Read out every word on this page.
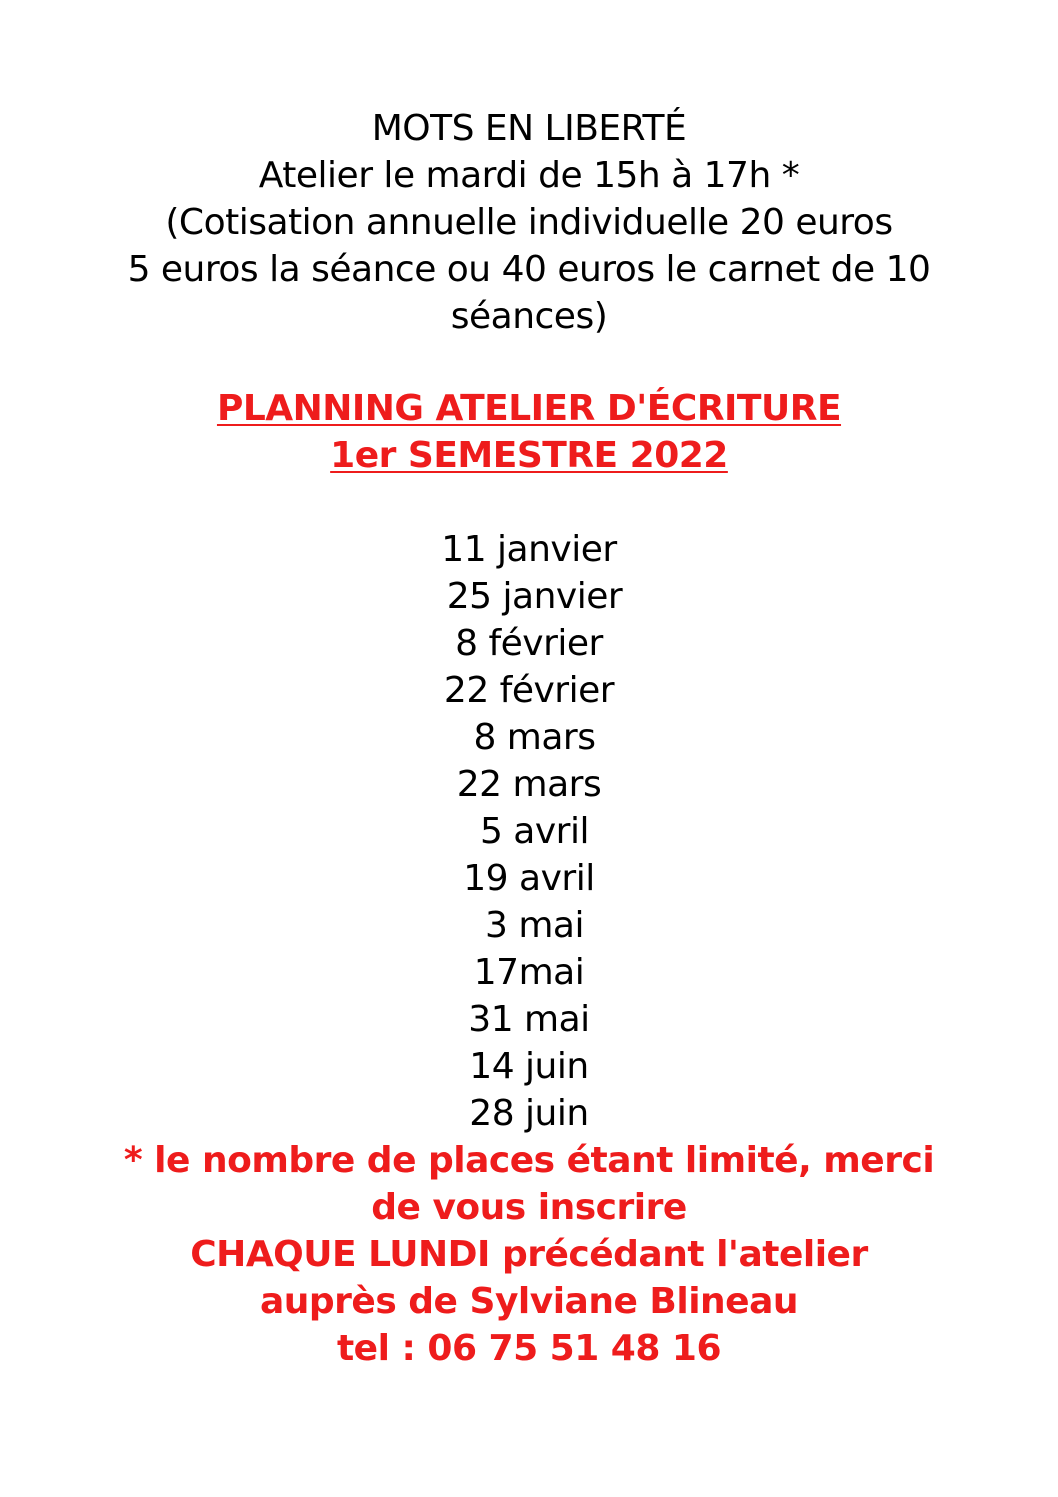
MOTS EN LIBERTÉ
Atelier le mardi de 15h à 17h *
(Cotisation annuelle individuelle 20 euros
5 euros la séance ou 40 euros le carnet de 10
séances)
PLANNING ATELIER D'ÉCRITURE
1er SEMESTRE 2022
11 janvier
25 janvier
8 février
22 février
8 mars
22 mars
5 avril
19 avril
3 mai
17mai
31 mai
14 juin
28 juin
* le nombre de places étant limité, merci
de vous inscrire
CHAQUE LUNDI précédant l'atelier
auprès de Sylviane Blineau
tel : 06 75 51 48 16
